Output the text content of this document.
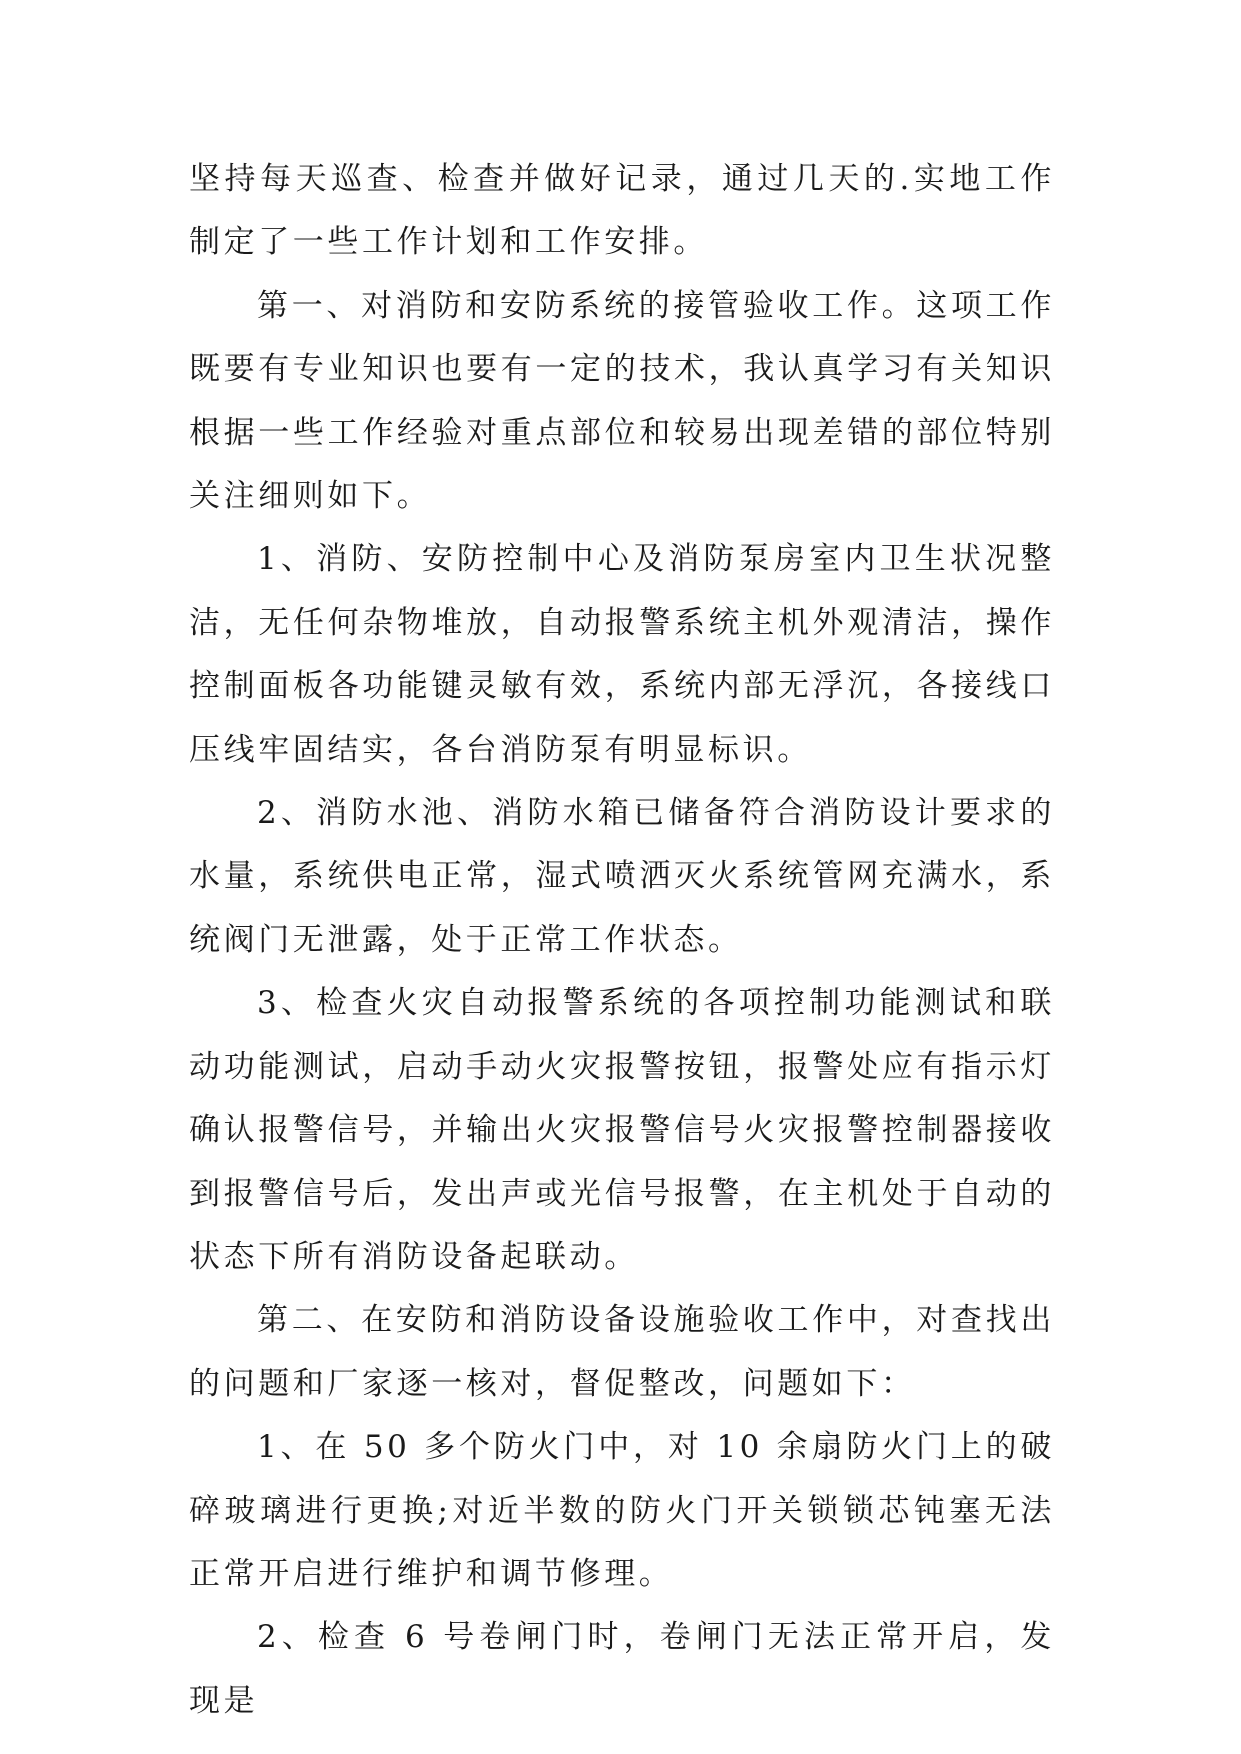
坚持每天巡查、检查并做好记录，通过几天的.实地工作制定了一些工作计划和工作安排。

第一、对消防和安防系统的接管验收工作。这项工作既要有专业知识也要有一定的技术，我认真学习有关知识根据一些工作经验对重点部位和较易出现差错的部位特别关注细则如下。

1、消防、安防控制中心及消防泵房室内卫生状况整洁，无任何杂物堆放，自动报警系统主机外观清洁，操作控制面板各功能键灵敏有效，系统内部无浮沉，各接线口压线牢固结实，各台消防泵有明显标识。

2、消防水池、消防水箱已储备符合消防设计要求的水量，系统供电正常，湿式喷洒灭火系统管网充满水，系统阀门无泄露，处于正常工作状态。

3、检查火灾自动报警系统的各项控制功能测试和联动功能测试，启动手动火灾报警按钮，报警处应有指示灯确认报警信号，并输出火灾报警信号火灾报警控制器接收到报警信号后，发出声或光信号报警，在主机处于自动的状态下所有消防设备起联动。

第二、在安防和消防设备设施验收工作中，对查找出的问题和厂家逐一核对，督促整改，问题如下：

1、在 50 多个防火门中，对 10 余扇防火门上的破碎玻璃进行更换;对近半数的防火门开关锁锁芯钝塞无法正常开启进行维护和调节修理。

2、检查 6 号卷闸门时，卷闸门无法正常开启，发现是
